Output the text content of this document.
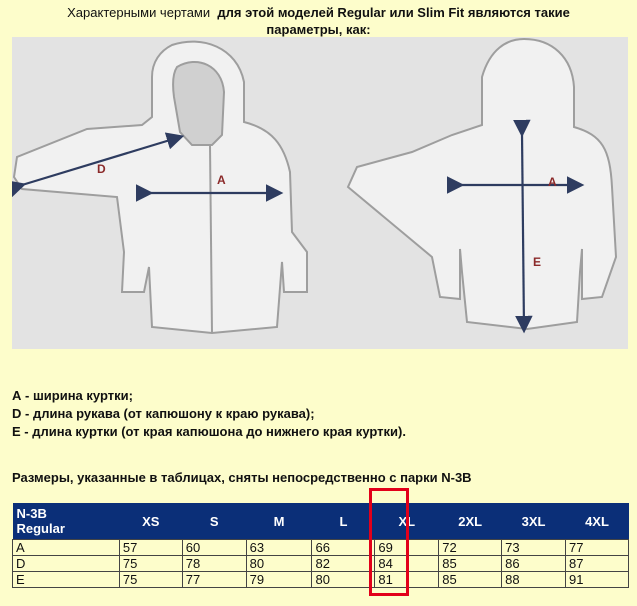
Характерными чертами для этой моделей Regular или Slim Fit являются такие
параметры, как:
A
D
A
E
А - ширина куртки;
D - длина рукава (от капюшону к краю рукава);
Е - длина куртки (от края капюшона до нижнего края куртки).
Размеры, указанные в таблицах, сняты непосредственно с парки N-3B
N-3B
Regular	XS	S	M	L	XL	2XL	3XL	4XL
A	57	60	63	66	69	72	73	77
D	75	78	80	82	84	85	86	87
E	75	77	79	80	81	85	88	91
